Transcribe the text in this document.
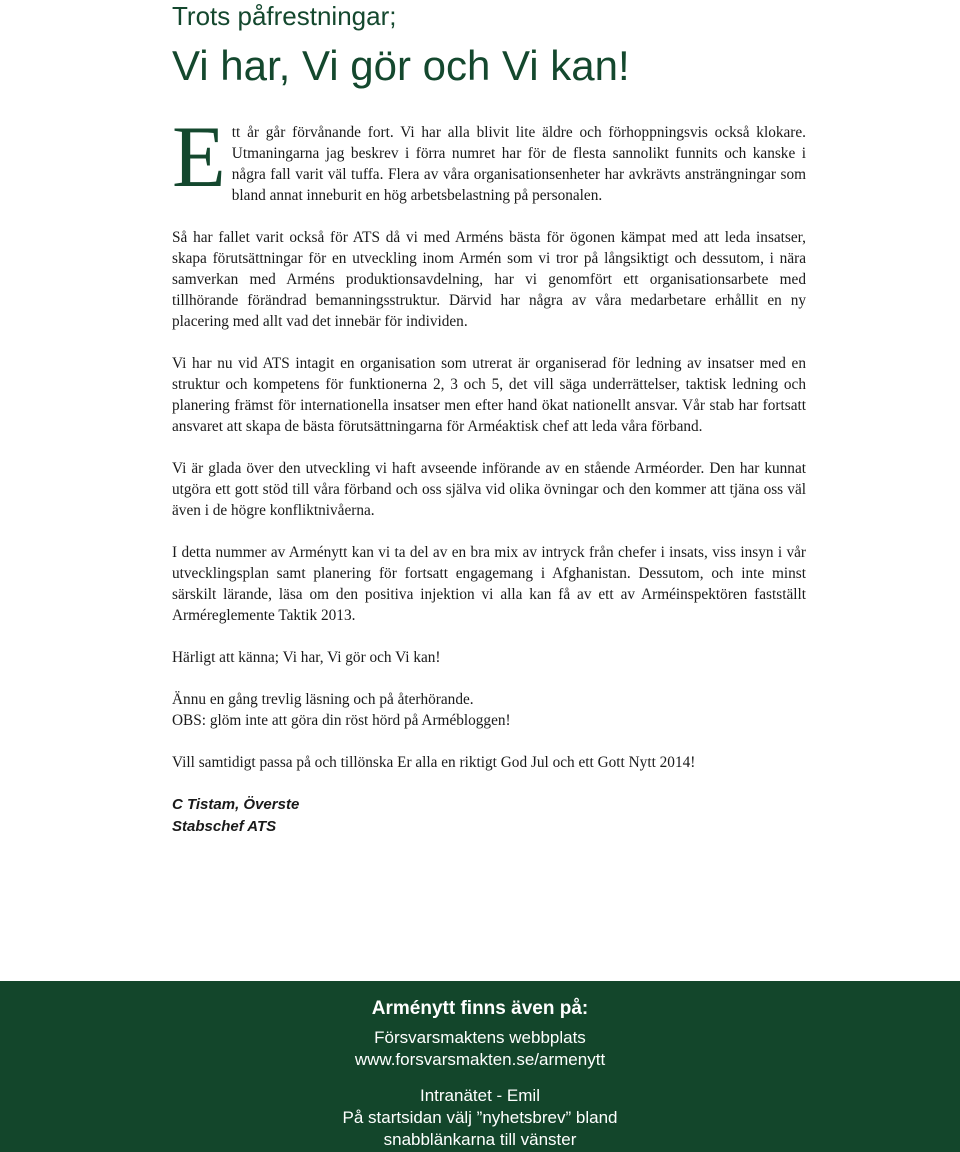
Trots påfrestningar;
Vi har, Vi gör och Vi kan!

Ett år går förvånande fort. Vi har alla blivit lite äldre och förhoppningsvis också klokare. Utmaningarna jag beskrev i förra numret har för de flesta sannolikt funnits och kanske i några fall varit väl tuffa. Flera av våra organisationsenheter har avkrävts ansträngningar som bland annat inneburit en hög arbetsbelastning på personalen.

Så har fallet varit också för ATS då vi med Arméns bästa för ögonen kämpat med att leda insatser, skapa förutsättningar för en utveckling inom Armén som vi tror på långsiktigt och dessutom, i nära samverkan med Arméns produktionsavdelning, har vi genomfört ett organisationsarbete med tillhörande förändrad bemanningsstruktur. Därvid har några av våra medarbetare erhållit en ny placering med allt vad det innebär för individen.

Vi har nu vid ATS intagit en organisation som utrerat är organiserad för ledning av insatser med en struktur och kompetens för funktionerna 2, 3 och 5, det vill säga underrättelser, taktisk ledning och planering främst för internationella insatser men efter hand ökat nationellt ansvar. Vår stab har fortsatt ansvaret att skapa de bästa förutsättningarna för Arméaktisk chef att leda våra förband.

Vi är glada över den utveckling vi haft avseende införande av en stående Arméorder. Den har kunnat utgöra ett gott stöd till våra förband och oss själva vid olika övningar och den kommer att tjäna oss väl även i de högre konfliktnivåerna.

I detta nummer av Arménytt kan vi ta del av en bra mix av intryck från chefer i insats, viss insyn i vår utvecklingsplan samt planering för fortsatt engagemang i Afghanistan. Dessutom, och inte minst särskilt lärande, läsa om den positiva injektion vi alla kan få av ett av Arméinspektören fastställt Arméreglemente Taktik 2013.

Härligt att känna; Vi har, Vi gör och Vi kan!

Ännu en gång trevlig läsning och på återhörande.
OBS: glöm inte att göra din röst hörd på Armébloggen!

Vill samtidigt passa på och tillönska Er alla en riktigt God Jul och ett Gott Nytt 2014!

C Tistam, Överste
Stabschef ATS
Arménytt finns även på:
Försvarsmaktens webbplats
www.forsvarsmakten.se/armenytt
Intranätet - Emil
På startsidan välj ”nyhetsbrev” bland
snabblänkarna till vänster
